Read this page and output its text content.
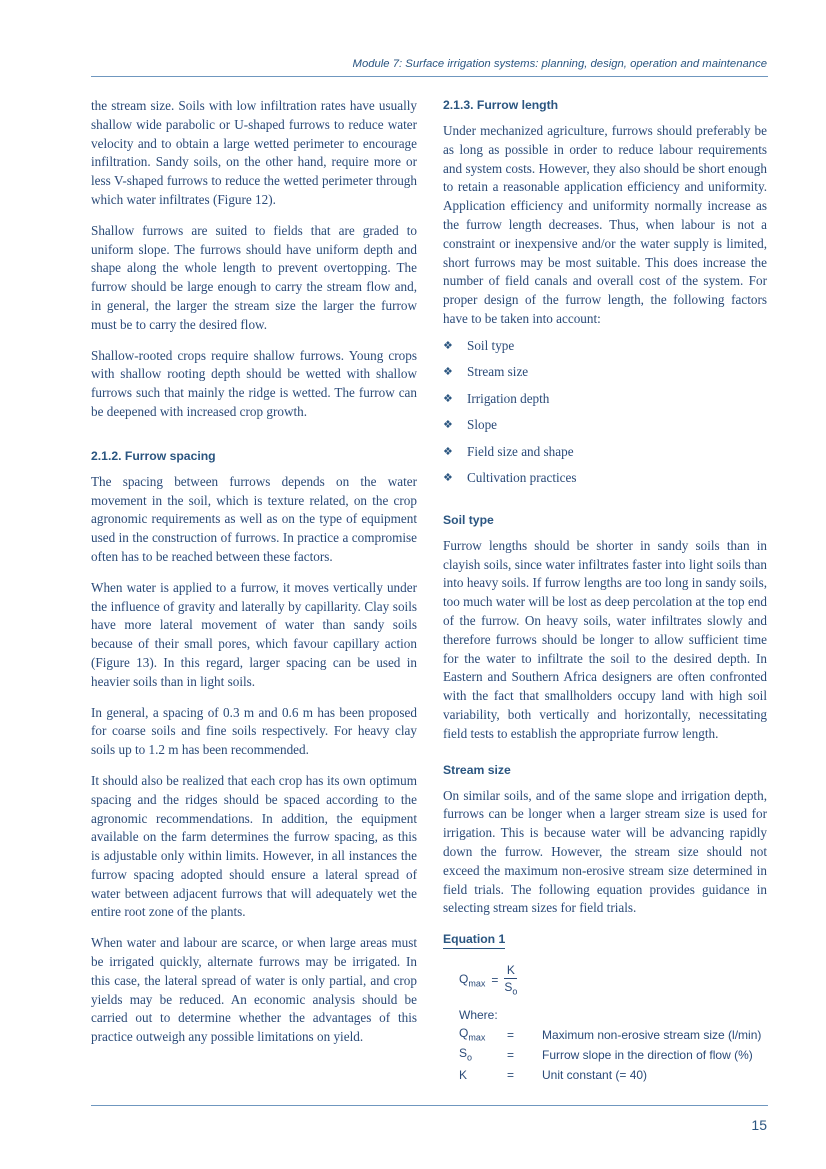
Module 7: Surface irrigation systems: planning, design, operation and maintenance

the stream size. Soils with low infiltration rates have usually shallow wide parabolic or U-shaped furrows to reduce water velocity and to obtain a large wetted perimeter to encourage infiltration. Sandy soils, on the other hand, require more or less V-shaped furrows to reduce the wetted perimeter through which water infiltrates (Figure 12).

Shallow furrows are suited to fields that are graded to uniform slope. The furrows should have uniform depth and shape along the whole length to prevent overtopping. The furrow should be large enough to carry the stream flow and, in general, the larger the stream size the larger the furrow must be to carry the desired flow.

Shallow-rooted crops require shallow furrows. Young crops with shallow rooting depth should be wetted with shallow furrows such that mainly the ridge is wetted. The furrow can be deepened with increased crop growth.

2.1.2. Furrow spacing

The spacing between furrows depends on the water movement in the soil, which is texture related, on the crop agronomic requirements as well as on the type of equipment used in the construction of furrows. In practice a compromise often has to be reached between these factors.

When water is applied to a furrow, it moves vertically under the influence of gravity and laterally by capillarity. Clay soils have more lateral movement of water than sandy soils because of their small pores, which favour capillary action (Figure 13). In this regard, larger spacing can be used in heavier soils than in light soils.

In general, a spacing of 0.3 m and 0.6 m has been proposed for coarse soils and fine soils respectively. For heavy clay soils up to 1.2 m has been recommended.

It should also be realized that each crop has its own optimum spacing and the ridges should be spaced according to the agronomic recommendations. In addition, the equipment available on the farm determines the furrow spacing, as this is adjustable only within limits. However, in all instances the furrow spacing adopted should ensure a lateral spread of water between adjacent furrows that will adequately wet the entire root zone of the plants.

When water and labour are scarce, or when large areas must be irrigated quickly, alternate furrows may be irrigated. In this case, the lateral spread of water is only partial, and crop yields may be reduced. An economic analysis should be carried out to determine whether the advantages of this practice outweigh any possible limitations on yield.

2.1.3. Furrow length

Under mechanized agriculture, furrows should preferably be as long as possible in order to reduce labour requirements and system costs. However, they also should be short enough to retain a reasonable application efficiency and uniformity. Application efficiency and uniformity normally increase as the furrow length decreases. Thus, when labour is not a constraint or inexpensive and/or the water supply is limited, short furrows may be most suitable. This does increase the number of field canals and overall cost of the system. For proper design of the furrow length, the following factors have to be taken into account:

❖ Soil type
❖ Stream size
❖ Irrigation depth
❖ Slope
❖ Field size and shape
❖ Cultivation practices
Soil type

Furrow lengths should be shorter in sandy soils than in clayish soils, since water infiltrates faster into light soils than into heavy soils. If furrow lengths are too long in sandy soils, too much water will be lost as deep percolation at the top end of the furrow. On heavy soils, water infiltrates slowly and therefore furrows should be longer to allow sufficient time for the water to infiltrate the soil to the desired depth. In Eastern and Southern Africa designers are often confronted with the fact that smallholders occupy land with high soil variability, both vertically and horizontally, necessitating field tests to establish the appropriate furrow length.

Stream size

On similar soils, and of the same slope and irrigation depth, furrows can be longer when a larger stream size is used for irrigation. This is because water will be advancing rapidly down the furrow. However, the stream size should not exceed the maximum non-erosive stream size determined in field trials. The following equation provides guidance in selecting stream sizes for field trials.

Equation 1
$Q_{max} = \frac{K}{S_o}$
Where:
$Q_{max}$	=	Maximum non-erosive stream size (l/min)
$S_o$	=	Furrow slope in the direction of flow (%)
K	=	Unit constant (= 40)
15
